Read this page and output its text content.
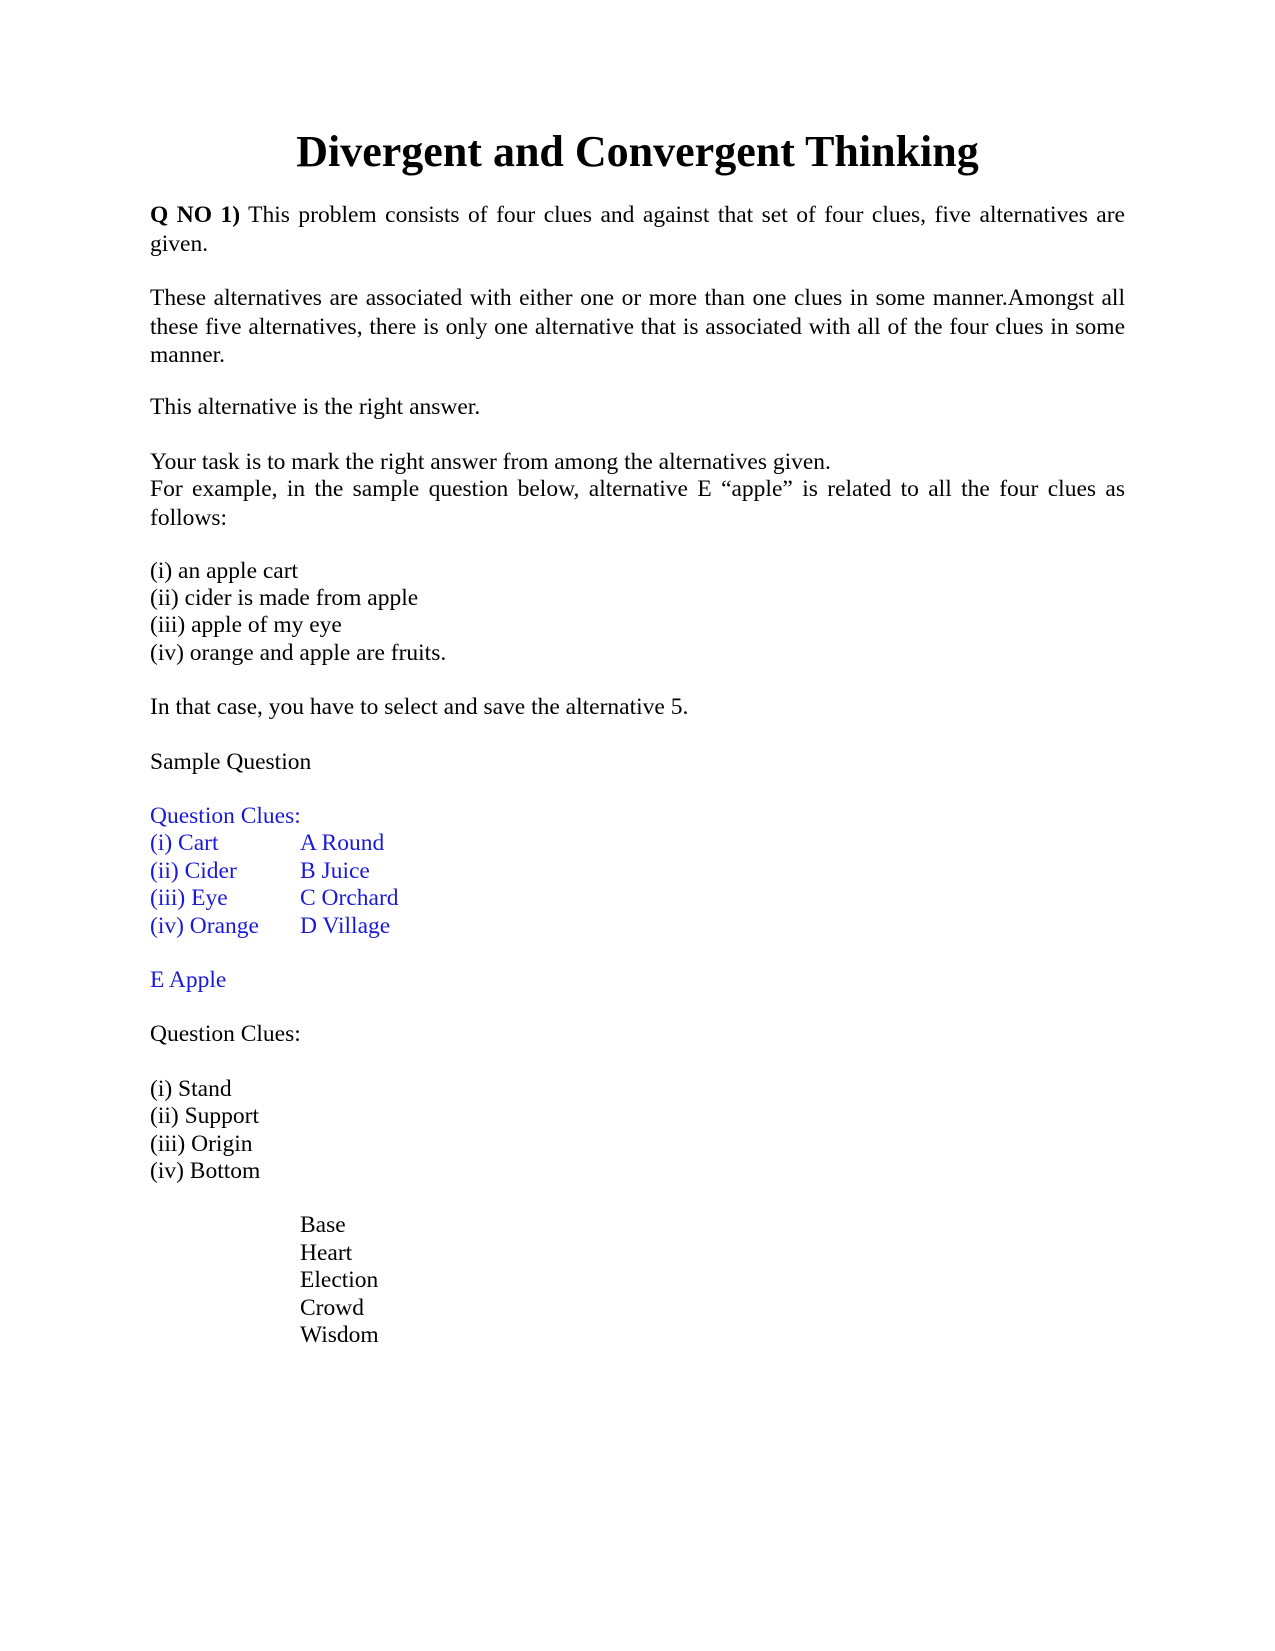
Divergent and Convergent Thinking

Q NO 1) This problem consists of four clues and against that set of four clues, five alternatives are given.

These alternatives are associated with either one or more than one clues in some manner.Amongst all these five alternatives, there is only one alternative that is associated with all of the four clues in some manner.

This alternative is the right answer.

Your task is to mark the right answer from among the alternatives given.

For example, in the sample question below, alternative E “apple” is related to all the four clues as follows:

(i) an apple cart

(ii) cider is made from apple

(iii) apple of my eye

(iv) orange and apple are fruits.

In that case, you have to select and save the alternative 5.

Sample Question

Question Clues:

(i) Cart	A Round

(ii) Cider	B Juice

(iii) Eye	C Orchard

(iv) Orange D Village

E Apple

Question Clues:

(i) Stand

(ii) Support

(iii) Origin

(iv) Bottom

Base

Heart

Election

Crowd

Wisdom
